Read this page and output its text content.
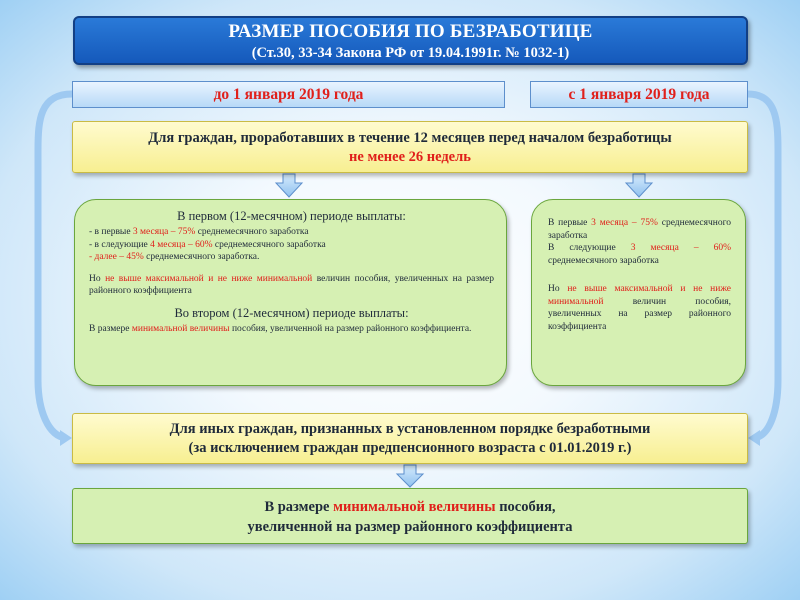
РАЗМЕР ПОСОБИЯ ПО БЕЗРАБОТИЦЕ
(Ст.30, 33-34 Закона РФ от 19.04.1991г. № 1032-1)
до 1 января 2019 года	с 1 января 2019 года
Для граждан, проработавших в течение 12 месяцев перед началом безработицы
не менее 26 недель
В первом (12-месячном) периоде выплаты:
- в первые 3 месяца – 75% среднемесячного заработка
- в следующие 4 месяца – 60% среднемесячного заработка
- далее – 45% среднемесячного заработка.
Но не выше максимальной и не ниже минимальной величин пособия, увеличенных на размер районного коэффициента
Во втором (12-месячном) периоде выплаты:
В размере минимальной величины пособия, увеличенной на размер районного коэффициента.
В первые 3 месяца – 75% среднемесячного заработка
В следующие 3 месяца – 60% среднемесячного заработка
Но не выше максимальной и не ниже минимальной величин пособия, увеличенных на размер районного коэффициента
Для иных граждан, признанных в установленном порядке безработными
(за исключением граждан предпенсионного возраста с 01.01.2019 г.)
В размере минимальной величины пособия,
увеличенной на размер районного коэффициента
